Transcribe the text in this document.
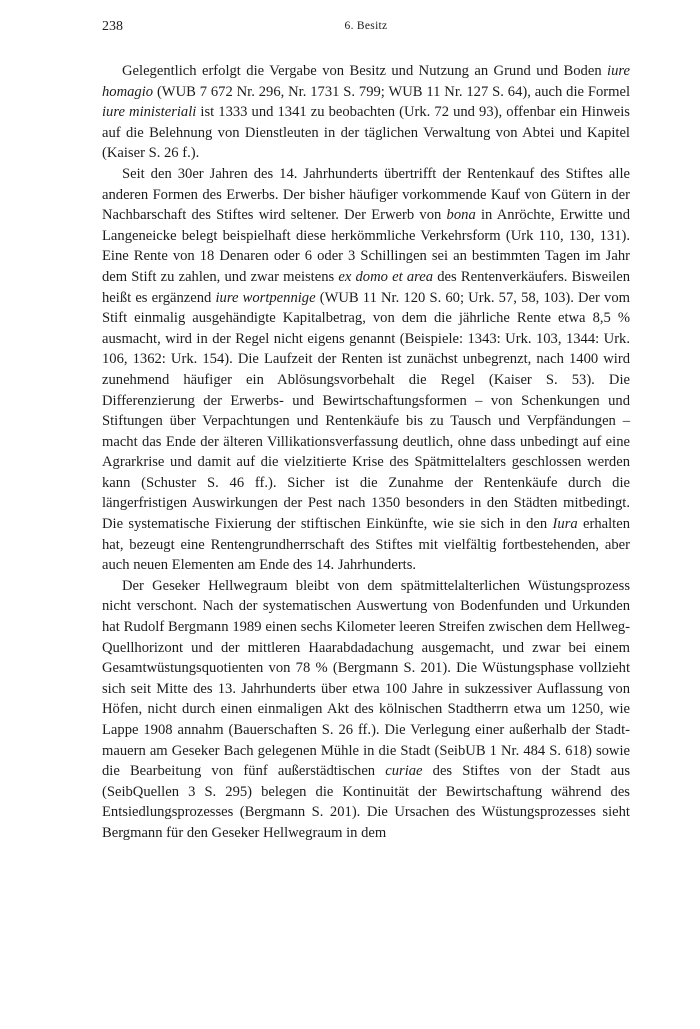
238	6. Besitz

Gelegentlich erfolgt die Vergabe von Besitz und Nutzung an Grund und Boden iure homagio (WUB 7 672 Nr. 296, Nr. 1731 S. 799; WUB 11 Nr. 127 S. 64), auch die Formel iure ministeriali ist 1333 und 1341 zu beobachten (Urk. 72 und 93), offenbar ein Hinweis auf die Belehnung von Dienstleuten in der täglichen Verwaltung von Abtei und Kapitel (Kaiser S. 26 f.).

Seit den 30er Jahren des 14. Jahrhunderts übertrifft der Rentenkauf des Stiftes alle anderen Formen des Erwerbs. Der bisher häufiger vorkommende Kauf von Gütern in der Nachbarschaft des Stiftes wird seltener. Der Erwerb von bona in Anröchte, Erwitte und Langeneicke belegt beispielhaft diese herkömmliche Verkehrsform (Urk 110, 130, 131). Eine Rente von 18 Denaren oder 6 oder 3 Schillingen sei an bestimmten Tagen im Jahr dem Stift zu zahlen, und zwar meistens ex domo et area des Rentenverkäufers. Bisweilen heißt es ergänzend iure wortpennige (WUB 11 Nr. 120 S. 60; Urk. 57, 58, 103). Der vom Stift einmalig ausgehändigte Kapitalbetrag, von dem die jährliche Rente etwa 8,5 % ausmacht, wird in der Regel nicht eigens genannt (Beispiele: 1343: Urk. 103, 1344: Urk. 106, 1362: Urk. 154). Die Laufzeit der Renten ist zunächst unbegrenzt, nach 1400 wird zunehmend häufiger ein Ablösungsvorbehalt die Regel (Kaiser S. 53). Die Differenzierung der Erwerbs- und Bewirtschaftungsformen – von Schenkungen und Stiftungen über Verpachtungen und Rentenkäufe bis zu Tausch und Verpfändungen – macht das Ende der älteren Villikationsverfassung deutlich, ohne dass unbedingt auf eine Agrarkrise und damit auf die vielzitierte Krise des Spätmittelalters geschlossen werden kann (Schuster S. 46 ff.). Sicher ist die Zunahme der Rentenkäufe durch die längerfristigen Auswirkungen der Pest nach 1350 besonders in den Städten mitbedingt. Die systematische Fixierung der stiftischen Einkünfte, wie sie sich in den Iura erhalten hat, bezeugt eine Rentengrundherrschaft des Stiftes mit vielfältig fortbestehenden, aber auch neuen Elementen am Ende des 14. Jahrhunderts.

Der Geseker Hellwegraum bleibt von dem spätmittelalterlichen Wüstungsprozess nicht verschont. Nach der systematischen Auswertung von Bodenfunden und Urkunden hat Rudolf Bergmann 1989 einen sechs Kilometer leeren Streifen zwischen dem Hellweg-Quellhorizont und der mittleren Haarabdadachung ausgemacht, und zwar bei einem Gesamtwüstungsquotienten von 78 % (Bergmann S. 201). Die Wüstungsphase vollzieht sich seit Mitte des 13. Jahrhunderts über etwa 100 Jahre in sukzessiver Auflassung von Höfen, nicht durch einen einmaligen Akt des kölnischen Stadtherrn etwa um 1250, wie Lappe 1908 annahm (Bauerschaften S. 26 ff.). Die Verlegung einer außerhalb der Stadtmauern am Geseker Bach gelegenen Mühle in die Stadt (SeibUB 1 Nr. 484 S. 618) sowie die Bearbeitung von fünf außerstädtischen curiae des Stiftes von der Stadt aus (SeibQuellen 3 S. 295) belegen die Kontinuität der Bewirtschaftung während des Entsiedlungsprozesses (Bergmann S. 201). Die Ursachen des Wüstungsprozesses sieht Bergmann für den Geseker Hellwegraum in dem
